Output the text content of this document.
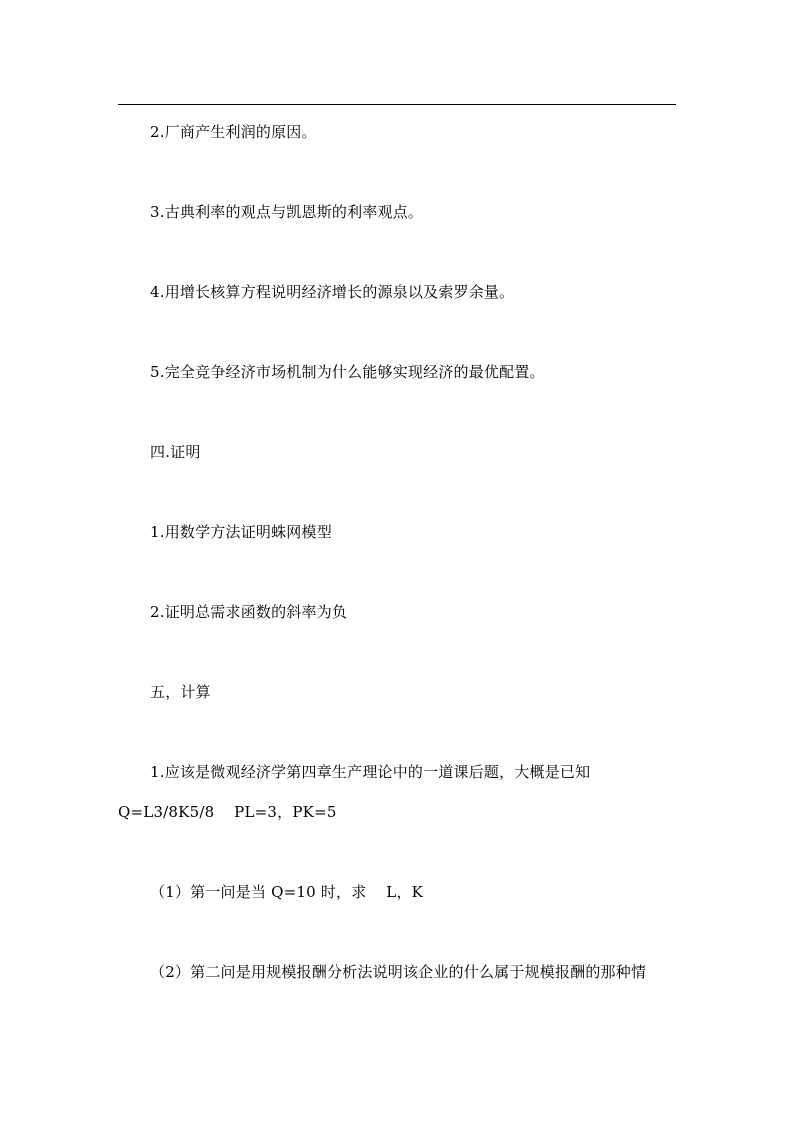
2.厂商产生利润的原因。
3.古典利率的观点与凯恩斯的利率观点。
4.用增长核算方程说明经济增长的源泉以及索罗余量。
5.完全竞争经济市场机制为什么能够实现经济的最优配置。
四.证明
1.用数学方法证明蛛网模型
2.证明总需求函数的斜率为负
五，计算
1.应该是微观经济学第四章生产理论中的一道课后题，大概是已知
Q=L3/8K5/8    PL=3，PK=5
（1）第一问是当 Q=10 时，求    L，K
（2）第二问是用规模报酬分析法说明该企业的什么属于规模报酬的那种情
